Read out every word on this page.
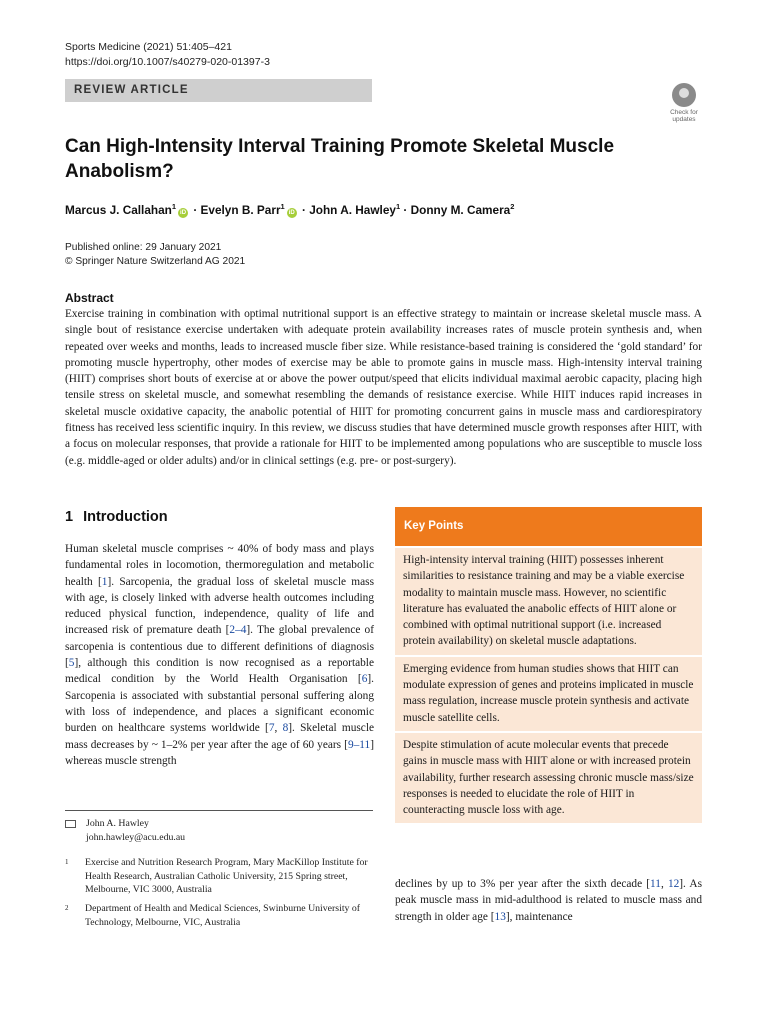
Sports Medicine (2021) 51:405–421
https://doi.org/10.1007/s40279-020-01397-3
REVIEW ARTICLE
Check for updates
Can High-Intensity Interval Training Promote Skeletal Muscle Anabolism?
Marcus J. Callahan$^1$iD · Evelyn B. Parr$^1$iD · John A. Hawley$^1$ · Donny M. Camera$^2$
Published online: 29 January 2021
© Springer Nature Switzerland AG 2021
Abstract
Exercise training in combination with optimal nutritional support is an effective strategy to maintain or increase skeletal muscle mass. A single bout of resistance exercise undertaken with adequate protein availability increases rates of muscle protein synthesis and, when repeated over weeks and months, leads to increased muscle fiber size. While resistance-based training is considered the ‘gold standard’ for promoting muscle hypertrophy, other modes of exercise may be able to promote gains in muscle mass. High-intensity interval training (HIIT) comprises short bouts of exercise at or above the power output/speed that elicits individual maximal aerobic capacity, placing high tensile stress on skeletal muscle, and somewhat resembling the demands of resistance exercise. While HIIT induces rapid increases in skeletal muscle oxidative capacity, the anabolic potential of HIIT for promoting concurrent gains in muscle mass and cardiorespiratory fitness has received less scientific inquiry. In this review, we discuss studies that have determined muscle growth responses after HIIT, with a focus on molecular responses, that provide a rationale for HIIT to be implemented among populations who are susceptible to muscle loss (e.g. middle-aged or older adults) and/or in clinical settings (e.g. pre- or post-surgery).
1 Introduction
Human skeletal muscle comprises ~ 40% of body mass and plays fundamental roles in locomotion, thermoregulation and metabolic health [1]. Sarcopenia, the gradual loss of skeletal muscle mass with age, is closely linked with adverse health outcomes including reduced physical function, independence, quality of life and increased risk of premature death [2–4]. The global prevalence of sarcopenia is contentious due to different definitions of diagnosis [5], although this condition is now recognised as a reportable medical condition by the World Health Organisation [6]. Sarcopenia is associated with substantial personal suffering along with loss of independence, and places a significant economic burden on healthcare systems worldwide [7, 8]. Skeletal muscle mass decreases by ~ 1–2% per year after the age of 60 years [9–11] whereas muscle strength
John A. Hawley
john.hawley@acu.edu.au
1 Exercise and Nutrition Research Program, Mary MacKillop Institute for Health Research, Australian Catholic University, 215 Spring street, Melbourne, VIC 3000, Australia
2 Department of Health and Medical Sciences, Swinburne University of Technology, Melbourne, VIC, Australia
Key Points
High-intensity interval training (HIIT) possesses inherent similarities to resistance training and may be a viable exercise modality to maintain muscle mass. However, no scientific literature has evaluated the anabolic effects of HIIT alone or combined with optimal nutritional support (i.e. increased protein availability) on skeletal muscle adaptations.
Emerging evidence from human studies shows that HIIT can modulate expression of genes and proteins implicated in muscle mass regulation, increase muscle protein synthesis and activate muscle satellite cells.
Despite stimulation of acute molecular events that precede gains in muscle mass with HIIT alone or with increased protein availability, further research assessing chronic muscle mass/size responses is needed to elucidate the role of HIIT in counteracting muscle loss with age.
declines by up to 3% per year after the sixth decade [11, 12]. As peak muscle mass in mid-adulthood is related to muscle mass and strength in older age [13], maintenance
